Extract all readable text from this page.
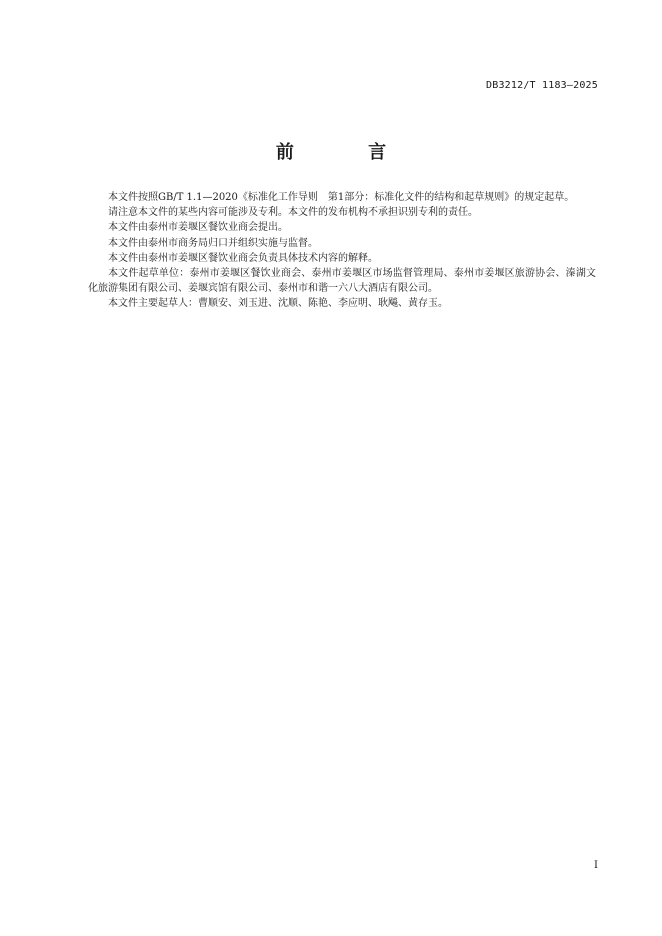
DB3212/T 1183—2025
前 言

本文件按照GB/T 1.1—2020《标准化工作导则　第1部分：标准化文件的结构和起草规则》的规定起草。

请注意本文件的某些内容可能涉及专利。本文件的发布机构不承担识别专利的责任。

本文件由泰州市姜堰区餐饮业商会提出。

本文件由泰州市商务局归口并组织实施与监督。

本文件由泰州市姜堰区餐饮业商会负责具体技术内容的解释。

本文件起草单位：泰州市姜堰区餐饮业商会、泰州市姜堰区市场监督管理局、泰州市姜堰区旅游协会、溱湖文化旅游集团有限公司、姜堰宾馆有限公司、泰州市和谐一六八大酒店有限公司。

本文件主要起草人：曹顺安、刘玉进、沈顺、陈艳、李应明、耿飚、黄存玉。

I
